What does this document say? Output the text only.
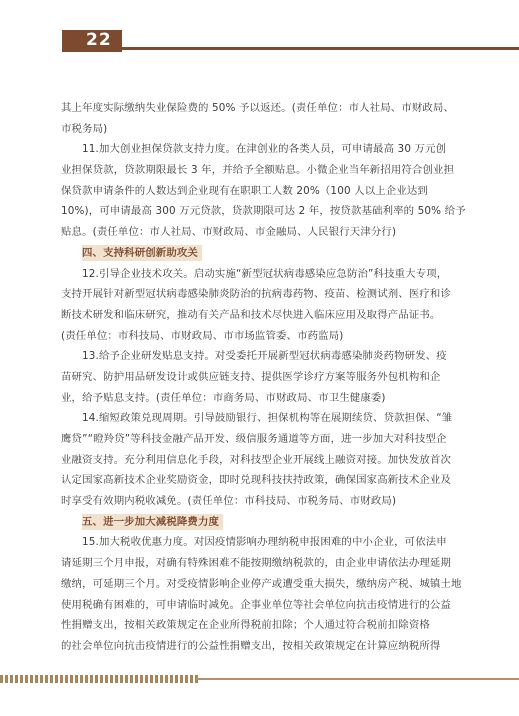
22
其上年度实际缴纳失业保险费的 50% 予以返还。(责任单位：市人社局、市财政局、
市税务局)
11.加大创业担保贷款支持力度。在津创业的各类人员，可申请最高 30 万元创
业担保贷款，贷款期限最长 3 年，并给予全额贴息。小微企业当年新招用符合创业担
保贷款申请条件的人数达到企业现有在职职工人数 20%（100 人以上企业达到
10%)，可申请最高 300 万元贷款，贷款期限可达 2 年，按贷款基础利率的 50% 给予
贴息。(责任单位：市人社局、市财政局、市金融局、人民银行天津分行)
四、支持科研创新助攻关
12.引导企业技术攻关。启动实施“新型冠状病毒感染应急防治”科技重大专项，
支持开展针对新型冠状病毒感染肺炎防治的抗病毒药物、疫苗、检测试剂、医疗和诊
断技术研发和临床研究，推动有关产品和技术尽快进入临床应用及取得产品证书。
(责任单位：市科技局、市财政局、市市场监管委、市药监局)
13.给予企业研发贴息支持。对受委托开展新型冠状病毒感染肺炎药物研发、疫
苗研究、防护用品研发设计或供应链支持、提供医学诊疗方案等服务外包机构和企
业，给予贴息支持。(责任单位：市商务局、市财政局、市卫生健康委)
14.缩短政策兑现周期。引导鼓励银行、担保机构等在展期续贷、贷款担保、“雏
鹰贷”“瞪羚贷”等科技金融产品开发、级信服务通道等方面，进一步加大对科技型企
业融资支持。充分利用信息化手段，对科技型企业开展线上融资对接。加快发放首次
认定国家高新技术企业奖励资金，即时兑现科技扶持政策，确保国家高新技术企业及
时享受有效期内税收减免。(责任单位：市科技局、市税务局、市财政局)
五、进一步加大减税降费力度
15.加大税收优惠力度。对因疫情影响办理纳税申报困难的中小企业，可依法申
请延期三个月申报，对确有特殊困难不能按期缴纳税款的，由企业申请依法办理延期
缴纳，可延期三个月。对受疫情影响企业停产或遭受重大损失，缴纳房产税、城镇土地
使用税确有困难的，可申请临时减免。企事业单位等社会单位向抗击疫情进行的公益
性捐赠支出，按相关政策规定在企业所得税前扣除；个人通过符合税前扣除资格
的社会单位向抗击疫情进行的公益性捐赠支出，按相关政策规定在计算应纳税所得
